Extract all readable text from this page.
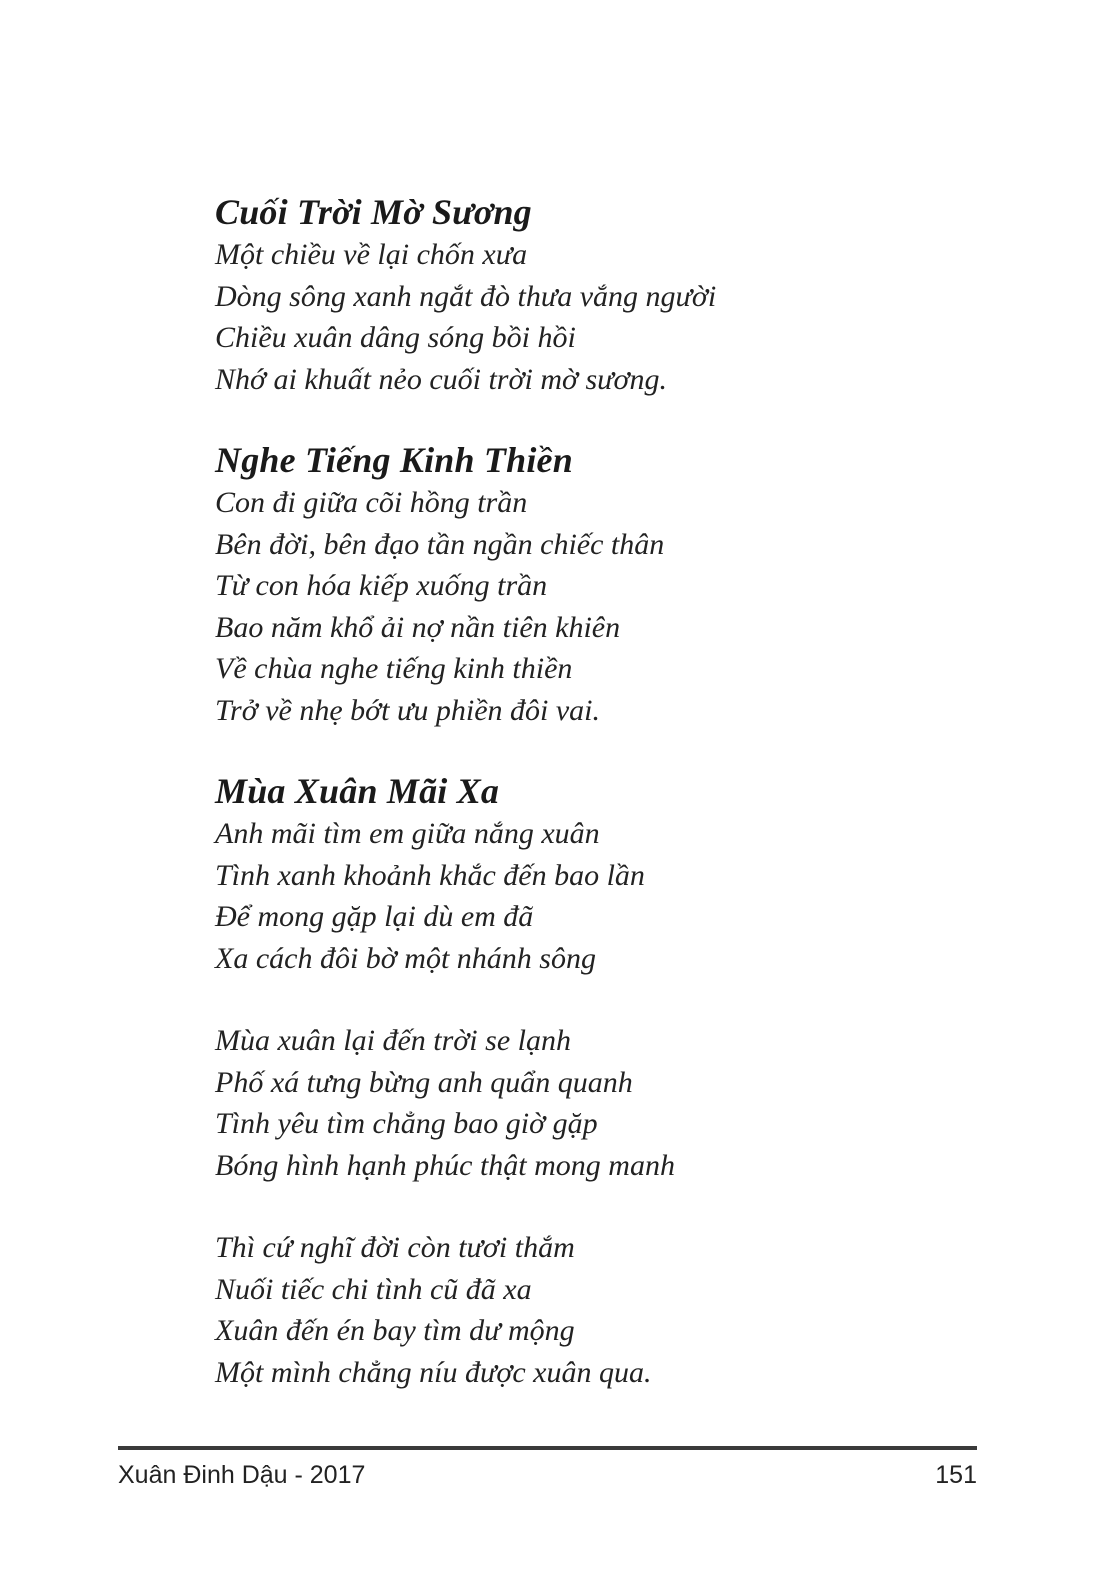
Cuối Trời Mờ Sương

Một chiều về lại chốn xưa

Dòng sông xanh ngắt đò thưa vắng người

Chiều xuân dâng sóng bồi hồi

Nhớ ai khuất nẻo cuối trời mờ sương.

Nghe Tiếng Kinh Thiền

Con đi giữa cõi hồng trần

Bên đời, bên đạo tần ngần chiếc thân

Từ con hóa kiếp xuống trần

Bao năm khổ ải nợ nần tiên khiên

Về chùa nghe tiếng kinh thiền

Trở về nhẹ bớt ưu phiền đôi vai.

Mùa Xuân Mãi Xa

Anh mãi tìm em giữa nắng xuân

Tình xanh khoảnh khắc đến bao lần

Để mong gặp lại dù em đã

Xa cách đôi bờ một nhánh sông

Mùa xuân lại đến trời se lạnh

Phố xá tưng bừng anh quẩn quanh

Tình yêu tìm chẳng bao giờ gặp

Bóng hình hạnh phúc thật mong manh

Thì cứ nghĩ đời còn tươi thắm

Nuối tiếc chi tình cũ đã xa

Xuân đến én bay tìm dư mộng

Một mình chẳng níu được xuân qua.

Xuân Đinh Dậu - 2017	151
